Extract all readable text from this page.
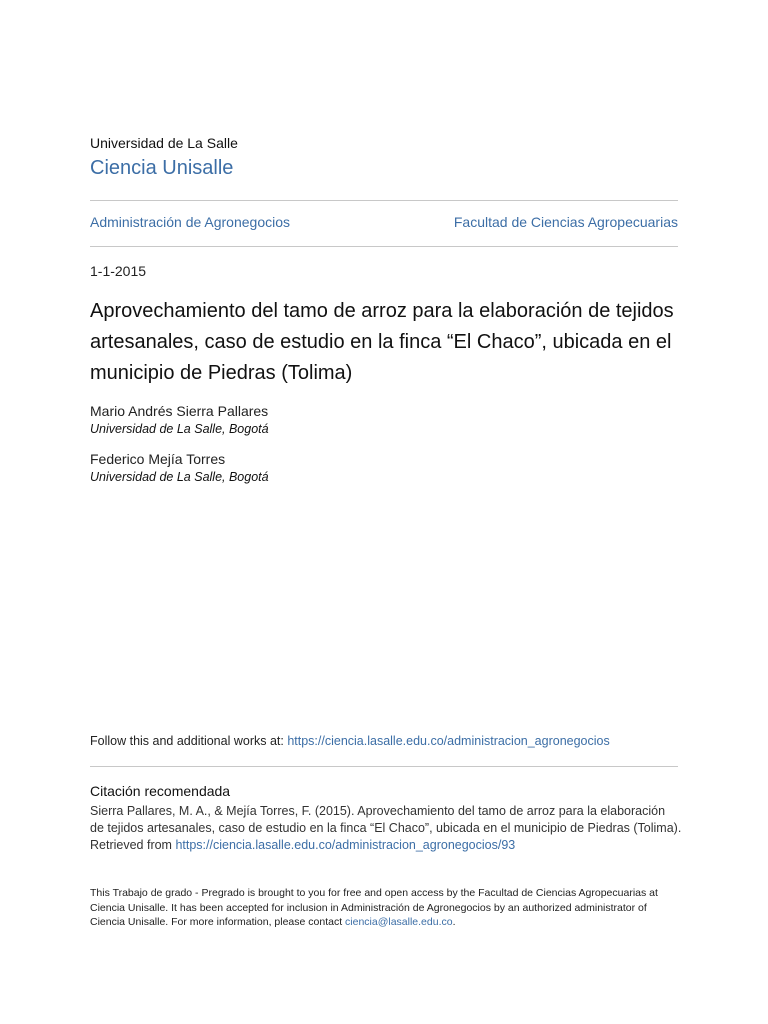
Universidad de La Salle
Ciencia Unisalle
Administración de Agronegocios	Facultad de Ciencias Agropecuarias
1-1-2015
Aprovechamiento del tamo de arroz para la elaboración de tejidos artesanales, caso de estudio en la finca “El Chaco”, ubicada en el municipio de Piedras (Tolima)
Mario Andrés Sierra Pallares
Universidad de La Salle, Bogotá
Federico Mejía Torres
Universidad de La Salle, Bogotá
Follow this and additional works at: https://ciencia.lasalle.edu.co/administracion_agronegocios
Citación recomendada
Sierra Pallares, M. A., & Mejía Torres, F. (2015). Aprovechamiento del tamo de arroz para la elaboración de tejidos artesanales, caso de estudio en la finca “El Chaco”, ubicada en el municipio de Piedras (Tolima). Retrieved from https://ciencia.lasalle.edu.co/administracion_agronegocios/93
This Trabajo de grado - Pregrado is brought to you for free and open access by the Facultad de Ciencias Agropecuarias at Ciencia Unisalle. It has been accepted for inclusion in Administración de Agronegocios by an authorized administrator of Ciencia Unisalle. For more information, please contact ciencia@lasalle.edu.co.
